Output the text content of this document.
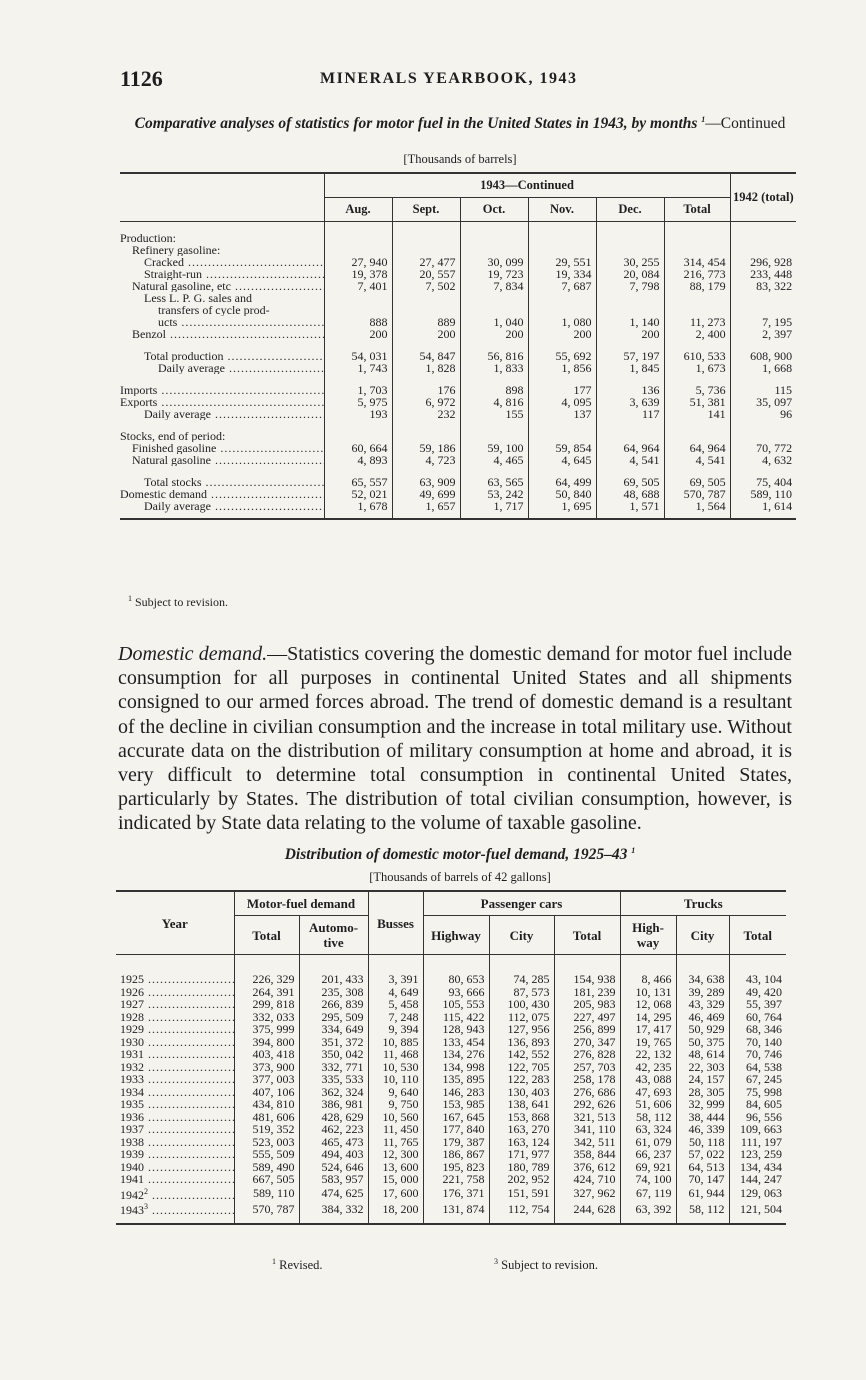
1126	MINERALS YEARBOOK, 1943
Comparative analyses of statistics for motor fuel in the United States in 1943, by months $^1$—Continued
[Thousands of barrels]
	1943—Continued						1942 (total)
	Aug.	Sept.	Oct.	Nov.	Dec.	Total	
Production:							
Refinery gasoline:							
Cracked .....	27, 940	27, 477	30, 099	29, 551	30, 255	314, 454	296, 928
Straight-run .....	19, 378	20, 557	19, 723	19, 334	20, 084	216, 773	233, 448
Natural gasoline, etc .....	7, 401	7, 502	7, 834	7, 687	7, 798	88, 179	83, 322
Less L. P. G. sales and							
transfers of cycle prod-							
ucts .....	888	889	1, 040	1, 080	1, 140	11, 273	7, 195
Benzol .....	200	200	200	200	200	2, 400	2, 397

Total production .....	54, 031	54, 847	56, 816	55, 692	57, 197	610, 533	608, 900
Daily average .....	1, 743	1, 828	1, 833	1, 856	1, 845	1, 673	1, 668

Imports .....	1, 703	176	898	177	136	5, 736	115
Exports .....	5, 975	6, 972	4, 816	4, 095	3, 639	51, 381	35, 097
Daily average .....	193	232	155	137	117	141	96

Stocks, end of period:							
Finished gasoline .....	60, 664	59, 186	59, 100	59, 854	64, 964	64, 964	70, 772
Natural gasoline .....	4, 893	4, 723	4, 465	4, 645	4, 541	4, 541	4, 632

Total stocks .....	65, 557	63, 909	63, 565	64, 499	69, 505	69, 505	75, 404
Domestic demand .....	52, 021	49, 699	53, 242	50, 840	48, 688	570, 787	589, 110
Daily average .....	1, 678	1, 657	1, 717	1, 695	1, 571	1, 564	1, 614
$^1$ Subject to revision.

Domestic demand.—Statistics covering the domestic demand for motor fuel include consumption for all purposes in continental United States and all shipments consigned to our armed forces abroad. The trend of domestic demand is a resultant of the decline in civilian consumption and the increase in total military use. Without accurate data on the distribution of military consumption at home and abroad, it is very difficult to determine total consumption in continental United States, particularly by States. The distribution of total civilian consumption, however, is indicated by State data relating to the volume of taxable gasoline.

Distribution of domestic motor-fuel demand, 1925–43 $^1$
[Thousands of barrels of 42 gallons]
Year	Motor-fuel demand		Busses	Passenger cars			Trucks		
	Total	Automo-tive		Highway	City	Total	High-way	City	Total
1925 .....	226, 329	201, 433	3, 391	80, 653	74, 285	154, 938	8, 466	34, 638	43, 104
1926 .....	264, 391	235, 308	4, 649	93, 666	87, 573	181, 239	10, 131	39, 289	49, 420
1927 .....	299, 818	266, 839	5, 458	105, 553	100, 430	205, 983	12, 068	43, 329	55, 397
1928 .....	332, 033	295, 509	7, 248	115, 422	112, 075	227, 497	14, 295	46, 469	60, 764
1929 .....	375, 999	334, 649	9, 394	128, 943	127, 956	256, 899	17, 417	50, 929	68, 346
1930 .....	394, 800	351, 372	10, 885	133, 454	136, 893	270, 347	19, 765	50, 375	70, 140
1931 .....	403, 418	350, 042	11, 468	134, 276	142, 552	276, 828	22, 132	48, 614	70, 746
1932 .....	373, 900	332, 771	10, 530	134, 998	122, 705	257, 703	42, 235	22, 303	64, 538
1933 .....	377, 003	335, 533	10, 110	135, 895	122, 283	258, 178	43, 088	24, 157	67, 245
1934 .....	407, 106	362, 324	9, 640	146, 283	130, 403	276, 686	47, 693	28, 305	75, 998
1935 .....	434, 810	386, 981	9, 750	153, 985	138, 641	292, 626	51, 606	32, 999	84, 605
1936 .....	481, 606	428, 629	10, 560	167, 645	153, 868	321, 513	58, 112	38, 444	96, 556
1937 .....	519, 352	462, 223	11, 450	177, 840	163, 270	341, 110	63, 324	46, 339	109, 663
1938 .....	523, 003	465, 473	11, 765	179, 387	163, 124	342, 511	61, 079	50, 118	111, 197
1939 .....	555, 509	494, 403	12, 300	186, 867	171, 977	358, 844	66, 237	57, 022	123, 259
1940 .....	589, 490	524, 646	13, 600	195, 823	180, 789	376, 612	69, 921	64, 513	134, 434
1941 .....	667, 505	583, 957	15, 000	221, 758	202, 952	424, 710	74, 100	70, 147	144, 247
1942$^2$ .....	589, 110	474, 625	17, 600	176, 371	151, 591	327, 962	67, 119	61, 944	129, 063
1943$^3$ .....	570, 787	384, 332	18, 200	131, 874	112, 754	244, 628	63, 392	58, 112	121, 504
$^1$ Revised.	$^3$ Subject to revision.
